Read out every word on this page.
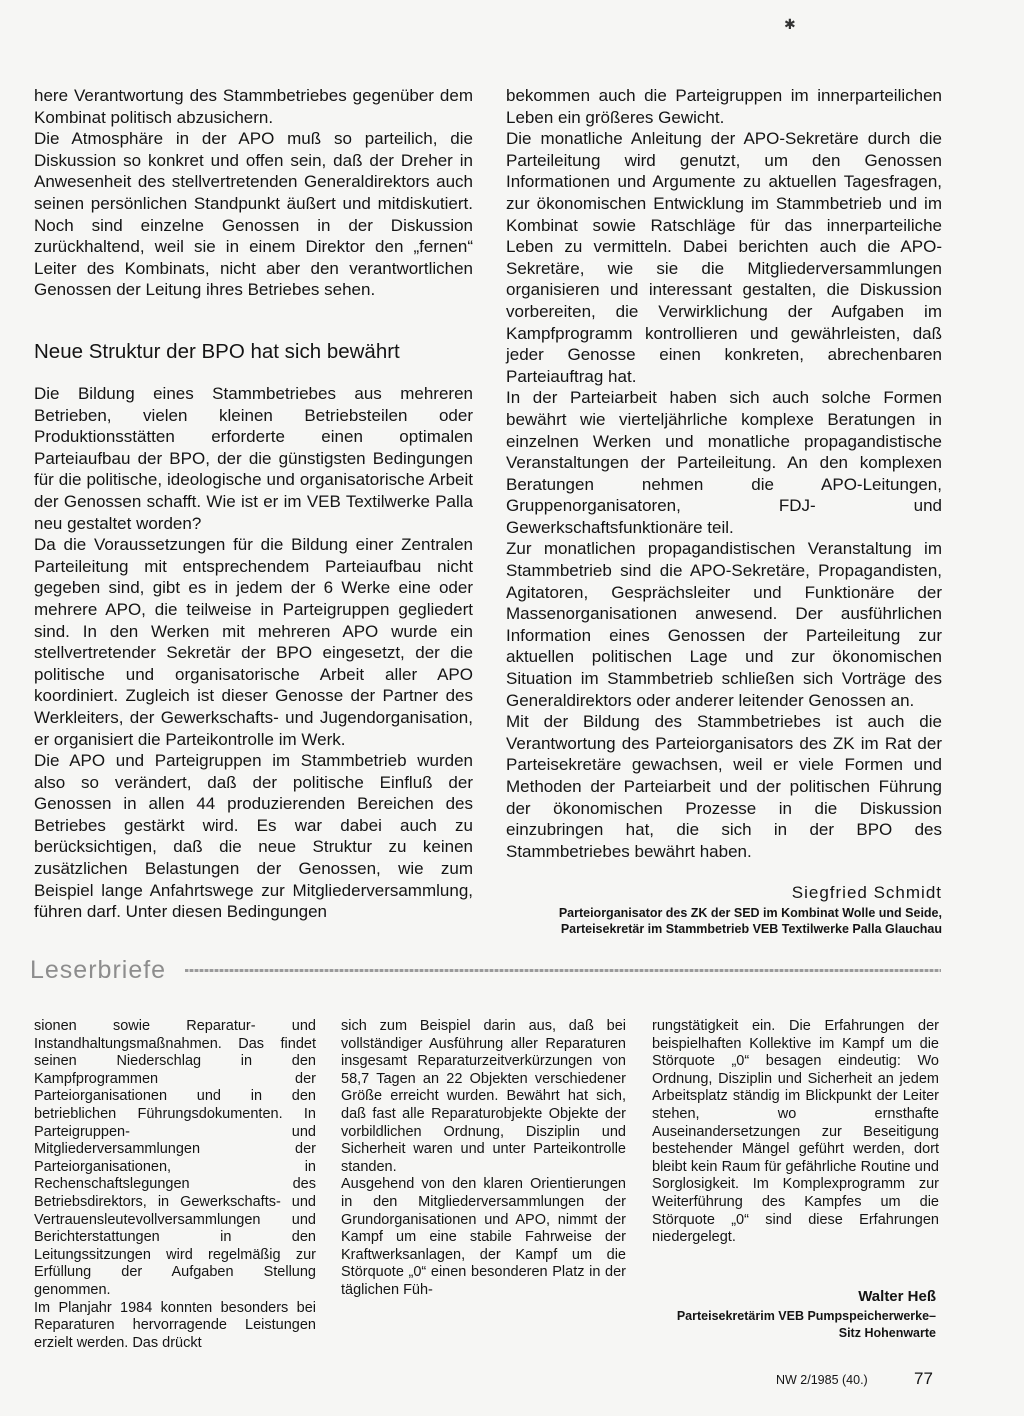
✱

here Verantwortung des Stammbetriebes gegenüber dem Kombinat politisch abzusichern.

Die Atmosphäre in der APO muß so parteilich, die Diskussion so konkret und offen sein, daß der Dreher in Anwesenheit des stellvertretenden Generaldirektors auch seinen persönlichen Standpunkt äußert und mitdiskutiert. Noch sind einzelne Genossen in der Diskussion zurückhaltend, weil sie in einem Direktor den „fernen“ Leiter des Kombinats, nicht aber den verantwortlichen Genossen der Leitung ihres Betriebes sehen.

Neue Struktur der BPO hat sich bewährt

Die Bildung eines Stammbetriebes aus mehreren Betrieben, vielen kleinen Betriebsteilen oder Produktionsstätten erforderte einen optimalen Parteiaufbau der BPO, der die günstigsten Bedingungen für die politische, ideologische und organisatorische Arbeit der Genossen schafft. Wie ist er im VEB Textilwerke Palla neu gestaltet worden?

Da die Voraussetzungen für die Bildung einer Zentralen Parteileitung mit entsprechendem Parteiaufbau nicht gegeben sind, gibt es in jedem der 6 Werke eine oder mehrere APO, die teilweise in Parteigruppen gegliedert sind. In den Werken mit mehreren APO wurde ein stellvertretender Sekretär der BPO eingesetzt, der die politische und organisatorische Arbeit aller APO koordiniert. Zugleich ist dieser Genosse der Partner des Werkleiters, der Gewerkschafts- und Jugendorganisation, er organisiert die Parteikontrolle im Werk.

Die APO und Parteigruppen im Stammbetrieb wurden also so verändert, daß der politische Einfluß der Genossen in allen 44 produzierenden Bereichen des Betriebes gestärkt wird. Es war dabei auch zu berücksichtigen, daß die neue Struktur zu keinen zusätzlichen Belastungen der Genossen, wie zum Beispiel lange Anfahrtswege zur Mitgliederversammlung, führen darf. Unter diesen Bedingungen

bekommen auch die Parteigruppen im innerparteilichen Leben ein größeres Gewicht.

Die monatliche Anleitung der APO-Sekretäre durch die Parteileitung wird genutzt, um den Genossen Informationen und Argumente zu aktuellen Tagesfragen, zur ökonomischen Entwicklung im Stammbetrieb und im Kombinat sowie Ratschläge für das innerparteiliche Leben zu vermitteln. Dabei berichten auch die APO-Sekretäre, wie sie die Mitgliederversammlungen organisieren und interessant gestalten, die Diskussion vorbereiten, die Verwirklichung der Aufgaben im Kampfprogramm kontrollieren und gewährleisten, daß jeder Genosse einen konkreten, abrechenbaren Parteiauftrag hat.

In der Parteiarbeit haben sich auch solche Formen bewährt wie vierteljährliche komplexe Beratungen in einzelnen Werken und monatliche propagandistische Veranstaltungen der Parteileitung. An den komplexen Beratungen nehmen die APO-Leitungen, Gruppenorganisatoren, FDJ- und Gewerkschaftsfunktionäre teil.

Zur monatlichen propagandistischen Veranstaltung im Stammbetrieb sind die APO-Sekretäre, Propagandisten, Agitatoren, Gesprächsleiter und Funktionäre der Massenorganisationen anwesend. Der ausführlichen Information eines Genossen der Parteileitung zur aktuellen politischen Lage und zur ökonomischen Situation im Stammbetrieb schließen sich Vorträge des Generaldirektors oder anderer leitender Genossen an.

Mit der Bildung des Stammbetriebes ist auch die Verantwortung des Parteiorganisators des ZK im Rat der Parteisekretäre gewachsen, weil er viele Formen und Methoden der Parteiarbeit und der politischen Führung der ökonomischen Prozesse in die Diskussion einzubringen hat, die sich in der BPO des Stammbetriebes bewährt haben.

Siegfried Schmidt
Parteiorganisator des ZK der SED im Kombinat Wolle und Seide,
Parteisekretär im Stammbetrieb VEB Textilwerke Palla Glauchau
Leserbriefe

sionen sowie Reparatur- und Instandhaltungsmaßnahmen. Das findet seinen Niederschlag in den Kampfprogrammen der Parteiorganisationen und in den betrieblichen Führungsdokumenten. In Parteigruppen- und Mitgliederversammlungen der Parteiorganisationen, in Rechenschaftslegungen des Betriebsdirektors, in Gewerkschafts- und Vertrauensleutevollversammlungen und Berichterstattungen in den Leitungssitzungen wird regelmäßig zur Erfüllung der Aufgaben Stellung genommen.

Im Planjahr 1984 konnten besonders bei Reparaturen hervorragende Leistungen erzielt werden. Das drückt

sich zum Beispiel darin aus, daß bei vollständiger Ausführung aller Reparaturen insgesamt Reparaturzeitverkürzungen von 58,7 Tagen an 22 Objekten verschiedener Größe erreicht wurden. Bewährt hat sich, daß fast alle Reparaturobjekte Objekte der vorbildlichen Ordnung, Disziplin und Sicherheit waren und unter Parteikontrolle standen.

Ausgehend von den klaren Orientierungen in den Mitgliederversammlungen der Grundorganisationen und APO, nimmt der Kampf um eine stabile Fahrweise der Kraftwerksanlagen, der Kampf um die Störquote „0“ einen besonderen Platz in der täglichen Füh-

rungstätigkeit ein. Die Erfahrungen der beispielhaften Kollektive im Kampf um die Störquote „0“ besagen eindeutig: Wo Ordnung, Disziplin und Sicherheit an jedem Arbeitsplatz ständig im Blickpunkt der Leiter stehen, wo ernsthafte Auseinandersetzungen zur Beseitigung bestehender Mängel geführt werden, dort bleibt kein Raum für gefährliche Routine und Sorglosigkeit. Im Komplexprogramm zur Weiterführung des Kampfes um die Störquote „0“ sind diese Erfahrungen niedergelegt.

Walter Heß
Parteisekretärim VEB Pumpspeicherwerke–
Sitz Hohenwarte
NW 2/1985 (40.)	77
